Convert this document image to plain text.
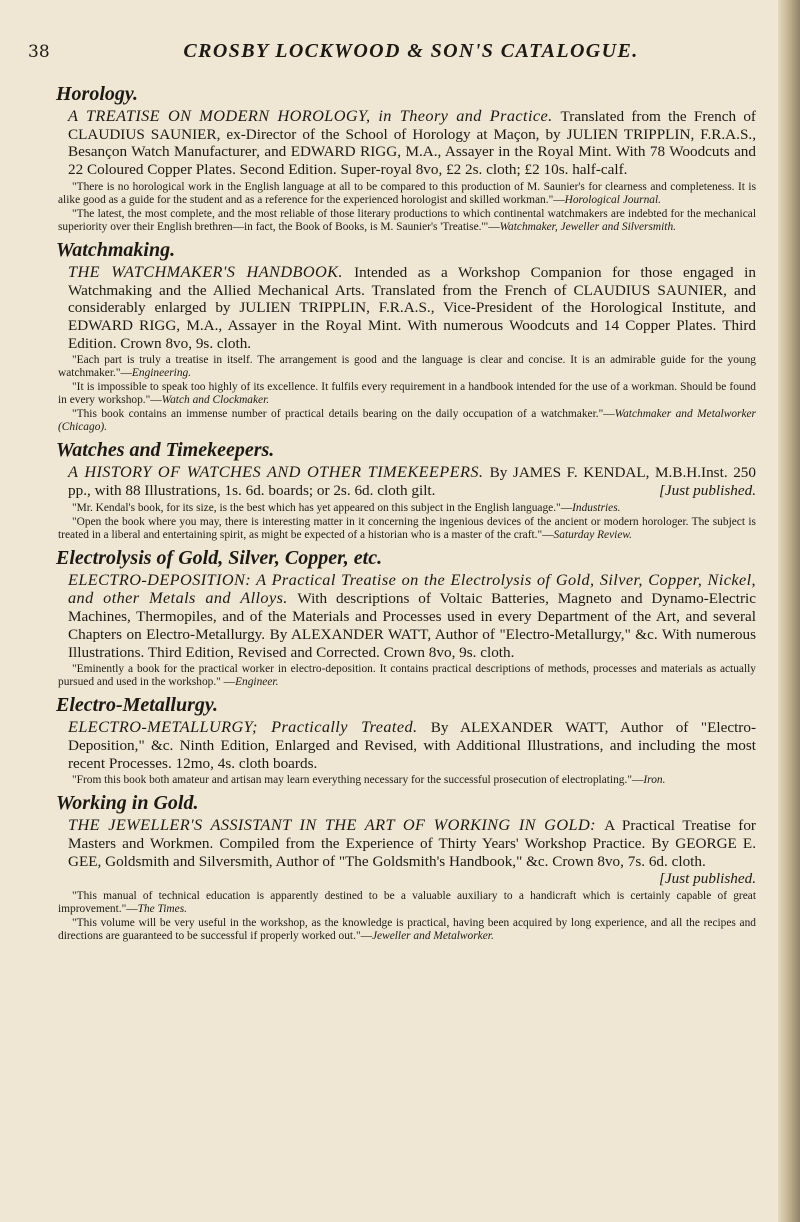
38	CROSBY LOCKWOOD & SON'S CATALOGUE.
Horology.
A TREATISE ON MODERN HOROLOGY, in Theory and Practice. Translated from the French of CLAUDIUS SAUNIER, ex-Director of the School of Horology at Maçon, by JULIEN TRIPPLIN, F.R.A.S., Besançon Watch Manufacturer, and EDWARD RIGG, M.A., Assayer in the Royal Mint. With 78 Woodcuts and 22 Coloured Copper Plates. Second Edition. Super-royal 8vo, £2 2s. cloth; £2 10s. half-calf.
"There is no horological work in the English language at all to be compared to this production of M. Saunier's for clearness and completeness. It is alike good as a guide for the student and as a reference for the experienced horologist and skilled workman."—Horological Journal.
"The latest, the most complete, and the most reliable of those literary productions to which continental watchmakers are indebted for the mechanical superiority over their English brethren—in fact, the Book of Books, is M. Saunier's 'Treatise.'"—Watchmaker, Jeweller and Silversmith.
Watchmaking.
THE WATCHMAKER'S HANDBOOK. Intended as a Workshop Companion for those engaged in Watchmaking and the Allied Mechanical Arts. Translated from the French of CLAUDIUS SAUNIER, and considerably enlarged by JULIEN TRIPPLIN, F.R.A.S., Vice-President of the Horological Institute, and EDWARD RIGG, M.A., Assayer in the Royal Mint. With numerous Woodcuts and 14 Copper Plates. Third Edition. Crown 8vo, 9s. cloth.
"Each part is truly a treatise in itself. The arrangement is good and the language is clear and concise. It is an admirable guide for the young watchmaker."—Engineering.
"It is impossible to speak too highly of its excellence. It fulfils every requirement in a handbook intended for the use of a workman. Should be found in every workshop."—Watch and Clockmaker.
"This book contains an immense number of practical details bearing on the daily occupation of a watchmaker."—Watchmaker and Metalworker (Chicago).
Watches and Timekeepers.
A HISTORY OF WATCHES AND OTHER TIMEKEEPERS. By JAMES F. KENDAL, M.B.H.Inst. 250 pp., with 88 Illustrations, 1s. 6d. boards; or 2s. 6d. cloth gilt.	[Just published.
"Mr. Kendal's book, for its size, is the best which has yet appeared on this subject in the English language."—Industries.
"Open the book where you may, there is interesting matter in it concerning the ingenious devices of the ancient or modern horologer. The subject is treated in a liberal and entertaining spirit, as might be expected of a historian who is a master of the craft."—Saturday Review.
Electrolysis of Gold, Silver, Copper, etc.
ELECTRO-DEPOSITION: A Practical Treatise on the Electrolysis of Gold, Silver, Copper, Nickel, and other Metals and Alloys. With descriptions of Voltaic Batteries, Magneto and Dynamo-Electric Machines, Thermopiles, and of the Materials and Processes used in every Department of the Art, and several Chapters on Electro-Metallurgy. By ALEXANDER WATT, Author of "Electro-Metallurgy," &c. With numerous Illustrations. Third Edition, Revised and Corrected. Crown 8vo, 9s. cloth.
"Eminently a book for the practical worker in electro-deposition. It contains practical descriptions of methods, processes and materials as actually pursued and used in the workshop." —Engineer.
Electro-Metallurgy.
ELECTRO-METALLURGY; Practically Treated. By ALEXANDER WATT, Author of "Electro-Deposition," &c. Ninth Edition, Enlarged and Revised, with Additional Illustrations, and including the most recent Processes. 12mo, 4s. cloth boards.
"From this book both amateur and artisan may learn everything necessary for the successful prosecution of electroplating."—Iron.
Working in Gold.
THE JEWELLER'S ASSISTANT IN THE ART OF WORKING IN GOLD: A Practical Treatise for Masters and Workmen. Compiled from the Experience of Thirty Years' Workshop Practice. By GEORGE E. GEE, Goldsmith and Silversmith, Author of "The Goldsmith's Handbook," &c. Crown 8vo, 7s. 6d. cloth.
[Just published.
"This manual of technical education is apparently destined to be a valuable auxiliary to a handicraft which is certainly capable of great improvement."—The Times.
"This volume will be very useful in the workshop, as the knowledge is practical, having been acquired by long experience, and all the recipes and directions are guaranteed to be successful if properly worked out."—Jeweller and Metalworker.
